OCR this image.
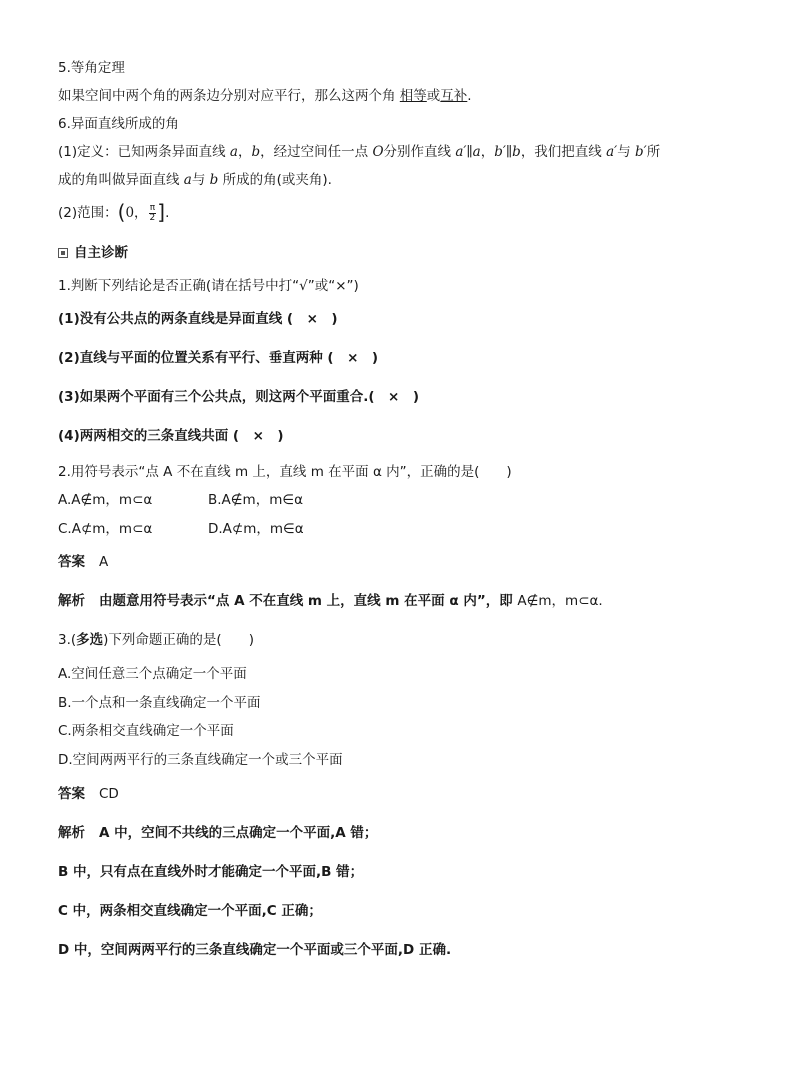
5.等角定理
如果空间中两个角的两条边分别对应平行，那么这两个角 相等或互补.
6.异面直线所成的角
(1)定义：已知两条异面直线 a，b，经过空间任一点 O分别作直线 a′∥a，b′∥b，我们把直线 a′与 b′所
成的角叫做异面直线 a与 b 所成的角(或夹角).
(2)范围：(0， $\frac{\pi}{2}$ ].
自主诊断
1.判断下列结论是否正确(请在括号中打“√”或“×”)
(1)没有公共点的两条直线是异面直线 (　×　)
(2)直线与平面的位置关系有平行、垂直两种 (　×　)
(3)如果两个平面有三个公共点，则这两个平面重合.(　×　)
(4)两两相交的三条直线共面 (　×　)
2.用符号表示“点 A 不在直线 m 上，直线 m 在平面 α 内”，正确的是(　　)
A.A∉m，m⊂α	B.A∉m，m∈α
C.A⊄m，m⊂α	D.A⊄m，m∈α
答案 A
解析 由题意用符号表示“点 A 不在直线 m 上，直线 m 在平面 α 内”，即 A∉m，m⊂α.
3.(多选)下列命题正确的是(　　)
A.空间任意三个点确定一个平面
B.一个点和一条直线确定一个平面
C.两条相交直线确定一个平面
D.空间两两平行的三条直线确定一个或三个平面
答案 CD
解析 A 中，空间不共线的三点确定一个平面,A 错；
B 中，只有点在直线外时才能确定一个平面,B 错；
C 中，两条相交直线确定一个平面,C 正确；
D 中，空间两两平行的三条直线确定一个平面或三个平面,D 正确.
